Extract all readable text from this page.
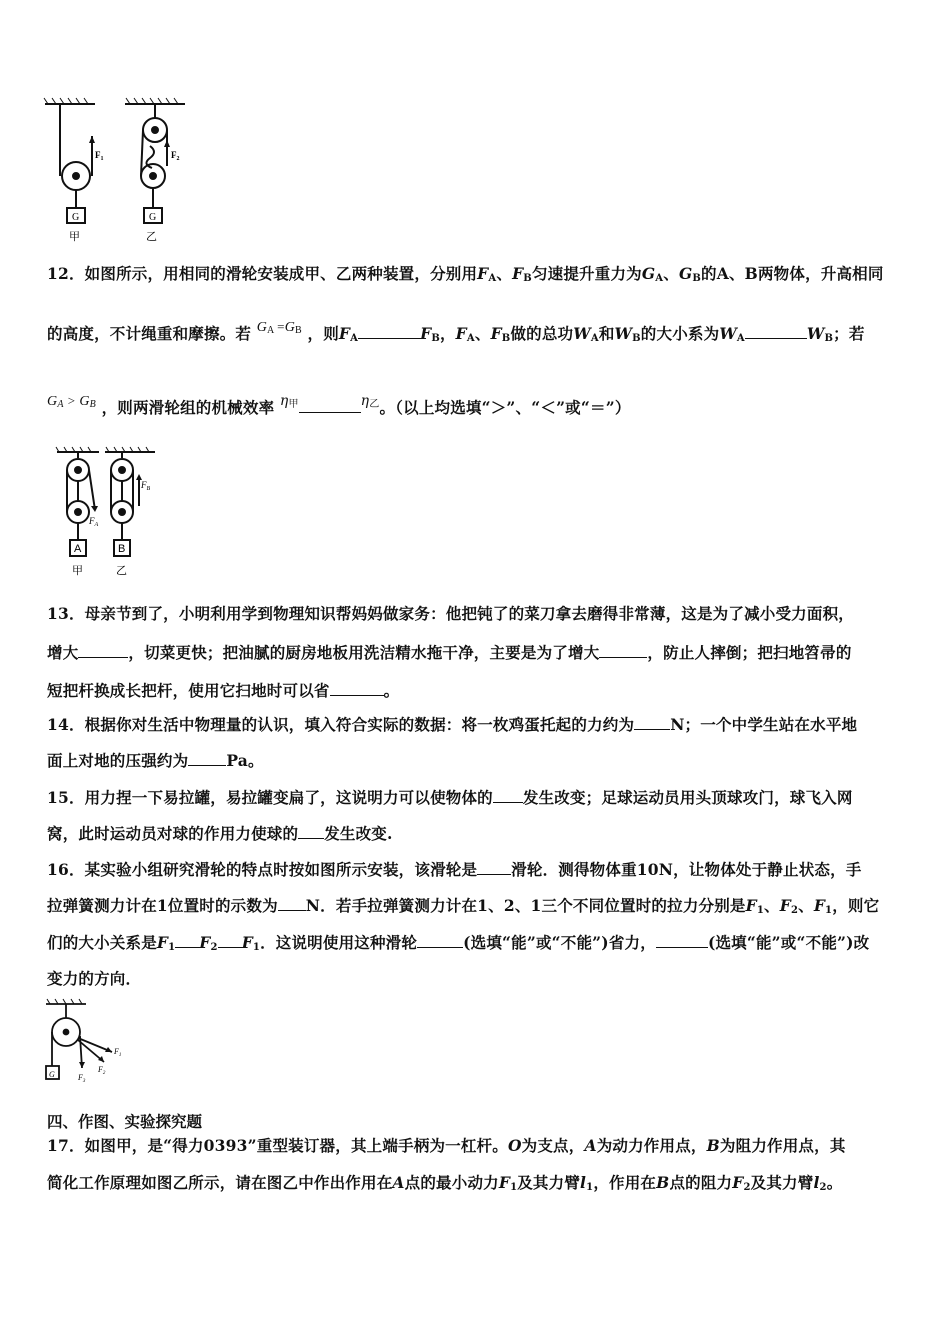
$F_1$	$F_2$
G	G
甲	乙
12．如图所示，用相同的滑轮安装成甲、乙两种装置，分别用$F_A$、$F_B$匀速提升重力为$G_A$、$G_B$的A、B两物体，升高相同
的高度，不计绳重和摩擦。若 $^{GA =GB}$ ，则$F_A$	$F_B$，$F_A$、$F_B$做的总功$W_A$和$W_B$的大小系为$W_A$	$W_B$；若
$G_A > G_B$ ，则两滑轮组的机械效率 $\eta_甲$	$\eta_乙$。（以上均选填“＞”、“＜”或“＝”）
$F_A$
$F_B$
A	B
甲	乙
13．母亲节到了，小明利用学到物理知识帮妈妈做家务：他把钝了的菜刀拿去磨得非常薄，这是为了减小受力面积，
增大	，切菜更快；把油腻的厨房地板用洗洁精水拖干净，主要是为了增大	，防止人摔倒；把扫地笤帚的
短把杆换成长把杆，使用它扫地时可以省	。
14．根据你对生活中物理量的认识，填入符合实际的数据：将一枚鸡蛋托起的力约为 N；一个中学生站在水平地
面上对地的压强约为 Pa。
15．用力捏一下易拉罐，易拉罐变扁了，这说明力可以使物体的 发生改变；足球运动员用头顶球攻门，球飞入网
窝，此时运动员对球的作用力使球的 发生改变.
16．某实验小组研究滑轮的特点时按如图所示安装，该滑轮是 滑轮．测得物体重10N，让物体处于静止状态，手
拉弹簧测力计在1位置时的示数为 N．若手拉弹簧测力计在1、2、1三个不同位置时的拉力分别是$F_1$、$F_2$、$F_1$，则它
们的大小关系是$F_1$ $F_2$ $F_1$．这说明使用这种滑轮	(选填“能”或“不能”)省力，	(选填“能”或“不能”)改
变力的方向．
G
$F_1$
$F_2$
$F_3$
四、作图、实验探究题
17．如图甲，是“得力0393”重型装订器，其上端手柄为一杠杆。O为支点，A为动力作用点，B为阻力作用点，其
简化工作原理如图乙所示，请在图乙中作出作用在A点的最小动力$F_1$及其力臂$l_1$，作用在B点的阻力$F_2$及其力臂$l_2$。
